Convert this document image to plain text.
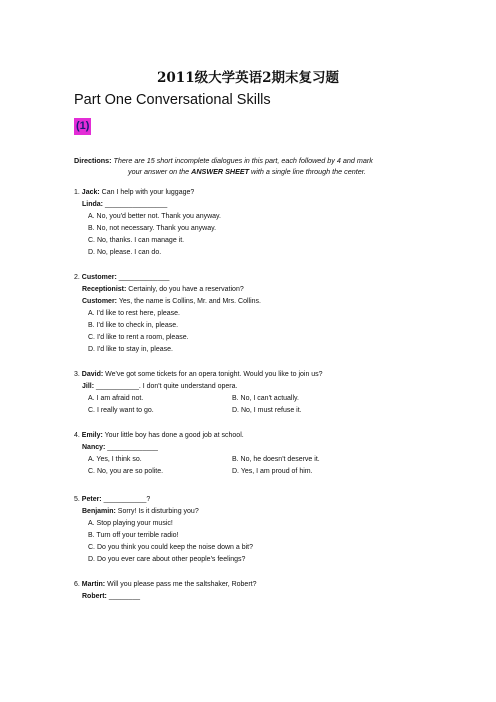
2011级大学英语2期末复习题
Part One Conversational Skills
(1)
Directions: There are 15 short incomplete dialogues in this part, each followed by 4 and mark
your answer on the ANSWER SHEET with a single line through the center.
1. Jack: Can I help with your luggage?
Linda: ________________
A. No, you'd better not. Thank you anyway.
B. No, not necessary. Thank you anyway.
C. No, thanks. I can manage it.
D. No, please. I can do.
2. Customer: _____________
Receptionist: Certainly, do you have a reservation?
Customer: Yes, the name is Collins, Mr. and Mrs. Collins.
A. I'd like to rest here, please.
B. I'd like to check in, please.
C. I'd like to rent a room, please.
D. I'd like to stay in, please.
3. David: We've got some tickets for an opera tonight. Would you like to join us?
Jill: ___________. I don't quite understand opera.
A. I am afraid not.	B. No, I can't actually.
C. I really want to go.	D. No, I must refuse it.
4. Emily: Your little boy has done a good job at school.
Nancy: _____________
A. Yes, I think so.	B. No, he doesn't deserve it.
C. No, you are so polite.	D. Yes, I am proud of him.
5. Peter: ___________?
Benjamin: Sorry! Is it disturbing you?
A. Stop playing your music!
B. Turn off your terrible radio!
C. Do you think you could keep the noise down a bit?
D. Do you ever care about other people's feelings?
6. Martin: Will you please pass me the saltshaker, Robert?
Robert: ________
